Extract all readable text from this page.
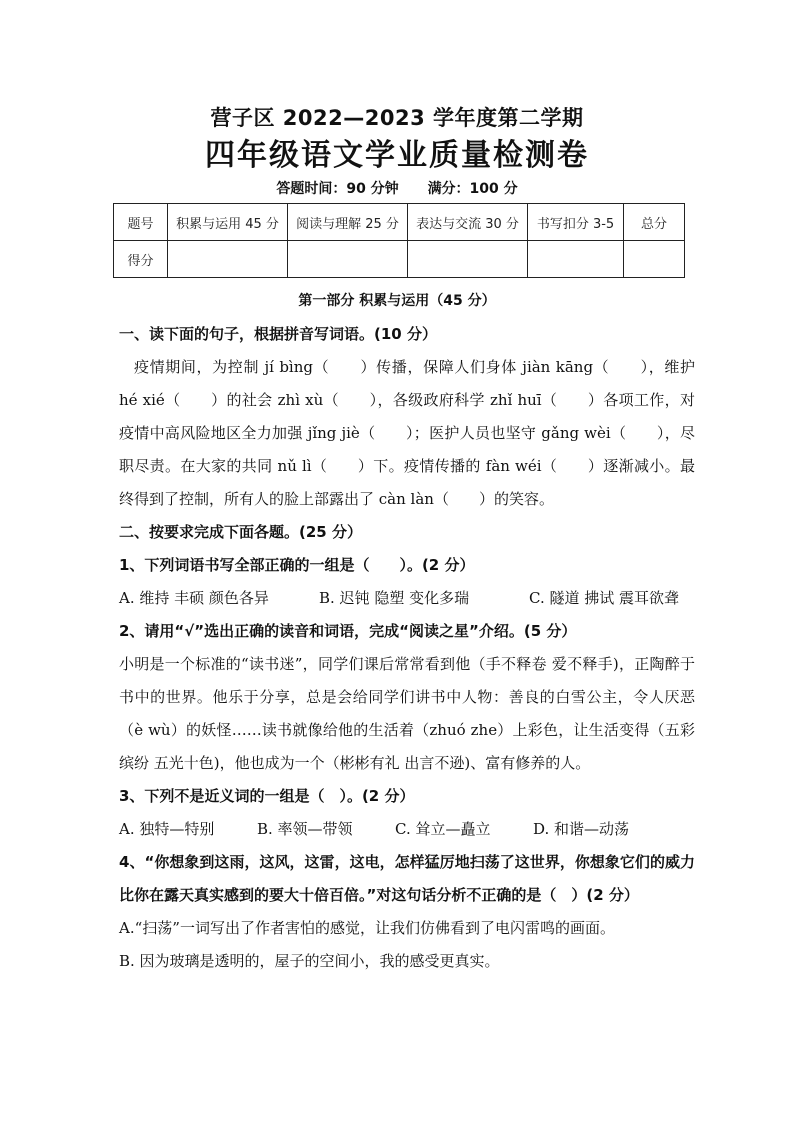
营子区 2022—2023 学年度第二学期
四年级语文学业质量检测卷
答题时间：90 分钟 满分：100 分
题号	积累与运用 45 分	阅读与理解 25 分	表达与交流 30 分	书写扣分 3-5	总分
得分					
第一部分 积累与运用（45 分）

一、读下面的句子，根据拼音写词语。(10 分）

疫情期间，为控制 jí bìng（　　）传播，保障人们身体 jiàn kāng（　　），维护 hé xié（　　）的社会 zhì xù（　　），各级政府科学 zhǐ huī（　　）各项工作，对疫情中高风险地区全力加强 jǐng jiè（　　）；医护人员也坚守 gǎng wèi（　　），尽职尽责。在大家的共同 nǔ lì（　　）下。疫情传播的 fàn wéi（　　）逐渐减小。最终得到了控制，所有人的脸上部露出了 càn làn（　　）的笑容。

二、按要求完成下面各题。(25 分）

1、下列词语书写全部正确的一组是（　　）。(2 分）

A. 维持 丰硕 颜色各异	B. 迟钝 隐塑 变化多瑞	C. 隧道 拂试 震耳欲聋

2、请用“√”选出正确的读音和词语，完成“阅读之星”介绍。(5 分）

小明是一个标准的“读书迷”，同学们课后常常看到他（手不释卷 爱不释手)，正陶醉于书中的世界。他乐于分享，总是会给同学们讲书中人物：善良的白雪公主，令人厌恶（è wù）的妖怪……读书就像给他的生活着（zhuó zhe）上彩色，让生活变得（五彩缤纷 五光十色)，他也成为一个（彬彬有礼 出言不逊)、富有修养的人。

3、下列不是近义词的一组是（　）。(2 分）

A. 独特—特别	B. 率领—带领	C. 耸立—矗立	D. 和谐—动荡

4、“你想象到这雨，这风，这雷，这电，怎样猛厉地扫荡了这世界，你想象它们的威力比你在露天真实感到的要大十倍百倍。”对这句话分析不正确的是（　）(2 分）

A.“扫荡”一词写出了作者害怕的感觉，让我们仿佛看到了电闪雷鸣的画面。

B. 因为玻璃是透明的，屋子的空间小，我的感受更真实。
